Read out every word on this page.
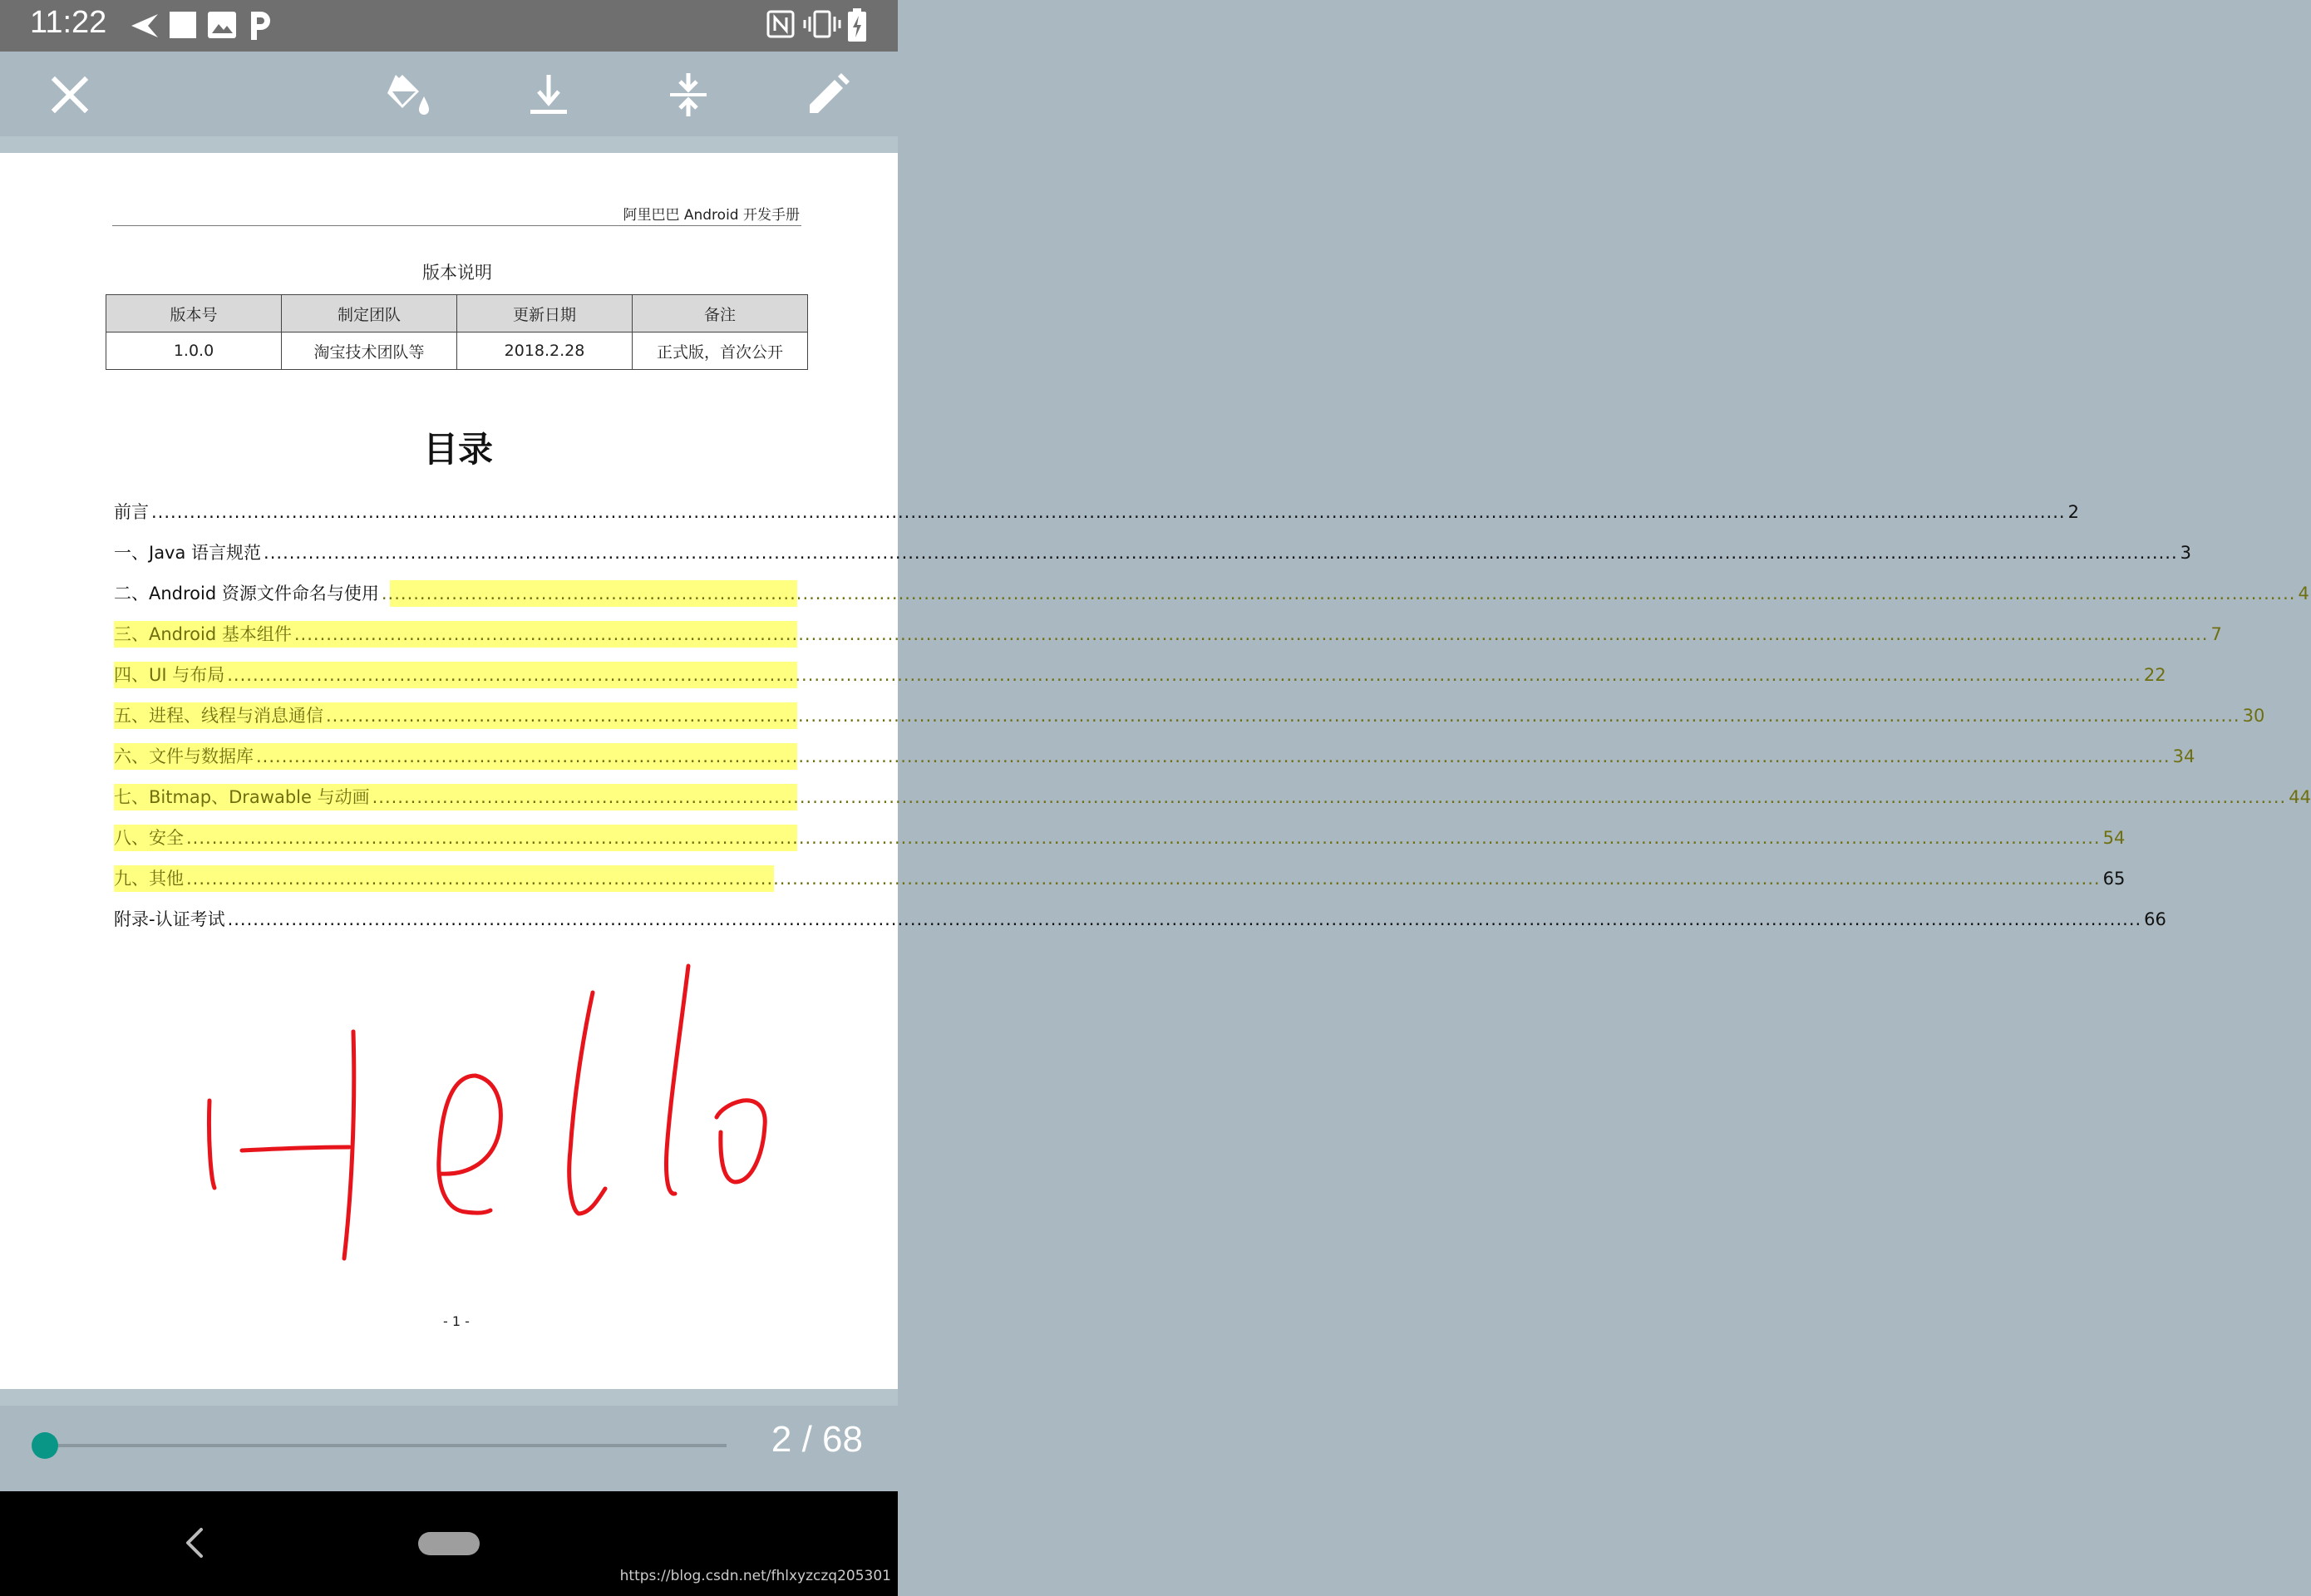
11:22
阿里巴巴 Android 开发手册
版本说明
版本号	制定团队	更新日期	备注
1.0.0	淘宝技术团队等	2018.2.28	正式版，首次公开
目录
前言 ............................................................................................................................................................................................................................................................................................................ 2
一、Java 语言规范 ............................................................................................................................................................................................................................................................................................................ 3
二、Android 资源文件命名与使用 ............................................................................................................................................................................................................................................................................................................ 4
三、Android 基本组件 ............................................................................................................................................................................................................................................................................................................ 7
四、UI 与布局 ............................................................................................................................................................................................................................................................................................................ 22
五、进程、线程与消息通信 ............................................................................................................................................................................................................................................................................................................ 30
六、文件与数据库 ............................................................................................................................................................................................................................................................................................................ 34
七、Bitmap、Drawable 与动画 ............................................................................................................................................................................................................................................................................................................ 44
八、安全 ............................................................................................................................................................................................................................................................................................................ 54
九、其他 ............................................................................................................................................................................................................................................................................................................ 65
附录-认证考试 ............................................................................................................................................................................................................................................................................................................ 66
- 1 -
2 / 68
https://blog.csdn.net/fhlxyzczq205301
